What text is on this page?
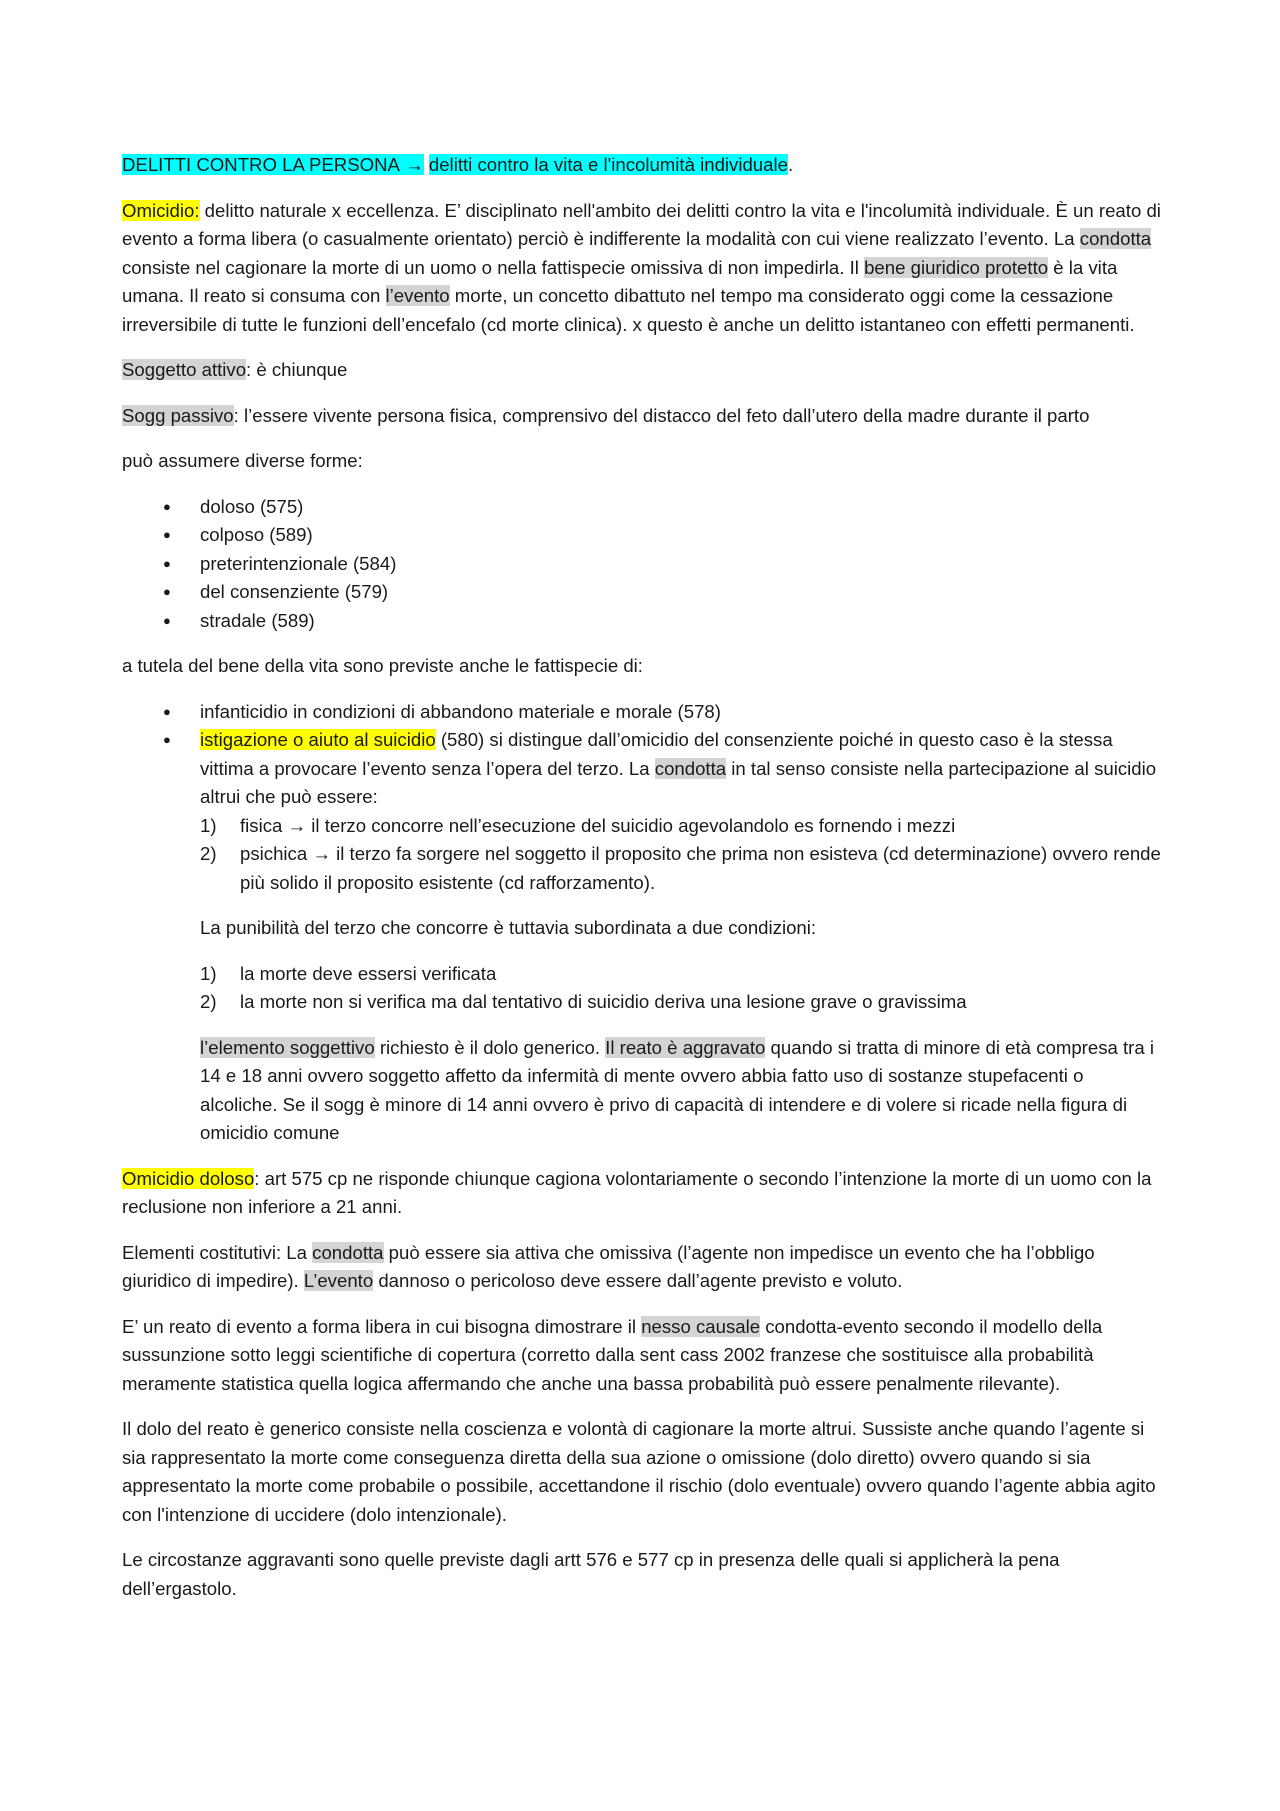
DELITTI CONTRO LA PERSONA → delitti contro la vita e l'incolumità individuale.

Omicidio: delitto naturale x eccellenza. E’ disciplinato nell'ambito dei delitti contro la vita e l'incolumità individuale. È un reato di evento a forma libera (o casualmente orientato) perciò è indifferente la modalità con cui viene realizzato l’evento. La condotta consiste nel cagionare la morte di un uomo o nella fattispecie omissiva di non impedirla. Il bene giuridico protetto è la vita umana. Il reato si consuma con l’evento morte, un concetto dibattuto nel tempo ma considerato oggi come la cessazione irreversibile di tutte le funzioni dell’encefalo (cd morte clinica). x questo è anche un delitto istantaneo con effetti permanenti.

Soggetto attivo: è chiunque

Sogg passivo: l’essere vivente persona fisica, comprensivo del distacco del feto dall’utero della madre durante il parto

può assumere diverse forme:

● doloso (575)
● colposo (589)
● preterintenzionale (584)
● del consenziente (579)
● stradale (589)

a tutela del bene della vita sono previste anche le fattispecie di:

● infanticidio in condizioni di abbandono materiale e morale (578)
● istigazione o aiuto al suicidio (580) si distingue dall’omicidio del consenziente poiché in questo caso è la stessa vittima a provocare l’evento senza l’opera del terzo. La condotta in tal senso consiste nella partecipazione al suicidio altrui che può essere:
1) fisica → il terzo concorre nell’esecuzione del suicidio agevolandolo es fornendo i mezzi
2) psichica → il terzo fa sorgere nel soggetto il proposito che prima non esisteva (cd determinazione) ovvero rende più solido il proposito esistente (cd rafforzamento).

La punibilità del terzo che concorre è tuttavia subordinata a due condizioni:

1) la morte deve essersi verificata
2) la morte non si verifica ma dal tentativo di suicidio deriva una lesione grave o gravissima

l’elemento soggettivo richiesto è il dolo generico. Il reato è aggravato quando si tratta di minore di età compresa tra i 14 e 18 anni ovvero soggetto affetto da infermità di mente ovvero abbia fatto uso di sostanze stupefacenti o alcoliche. Se il sogg è minore di 14 anni ovvero è privo di capacità di intendere e di volere si ricade nella figura di omicidio comune

Omicidio doloso: art 575 cp ne risponde chiunque cagiona volontariamente o secondo l’intenzione la morte di un uomo con la reclusione non inferiore a 21 anni.

Elementi costitutivi: La condotta può essere sia attiva che omissiva (l’agente non impedisce un evento che ha l’obbligo giuridico di impedire). L’evento dannoso o pericoloso deve essere dall’agente previsto e voluto.

E’ un reato di evento a forma libera in cui bisogna dimostrare il nesso causale condotta-evento secondo il modello della sussunzione sotto leggi scientifiche di copertura (corretto dalla sent cass 2002 franzese che sostituisce alla probabilità meramente statistica quella logica affermando che anche una bassa probabilità può essere penalmente rilevante).

Il dolo del reato è generico consiste nella coscienza e volontà di cagionare la morte altrui. Sussiste anche quando l’agente si sia rappresentato la morte come conseguenza diretta della sua azione o omissione (dolo diretto) ovvero quando si sia appresentato la morte come probabile o possibile, accettandone il rischio (dolo eventuale) ovvero quando l’agente abbia agito con l'intenzione di uccidere (dolo intenzionale).

Le circostanze aggravanti sono quelle previste dagli artt 576 e 577 cp in presenza delle quali si applicherà la pena dell’ergastolo.
